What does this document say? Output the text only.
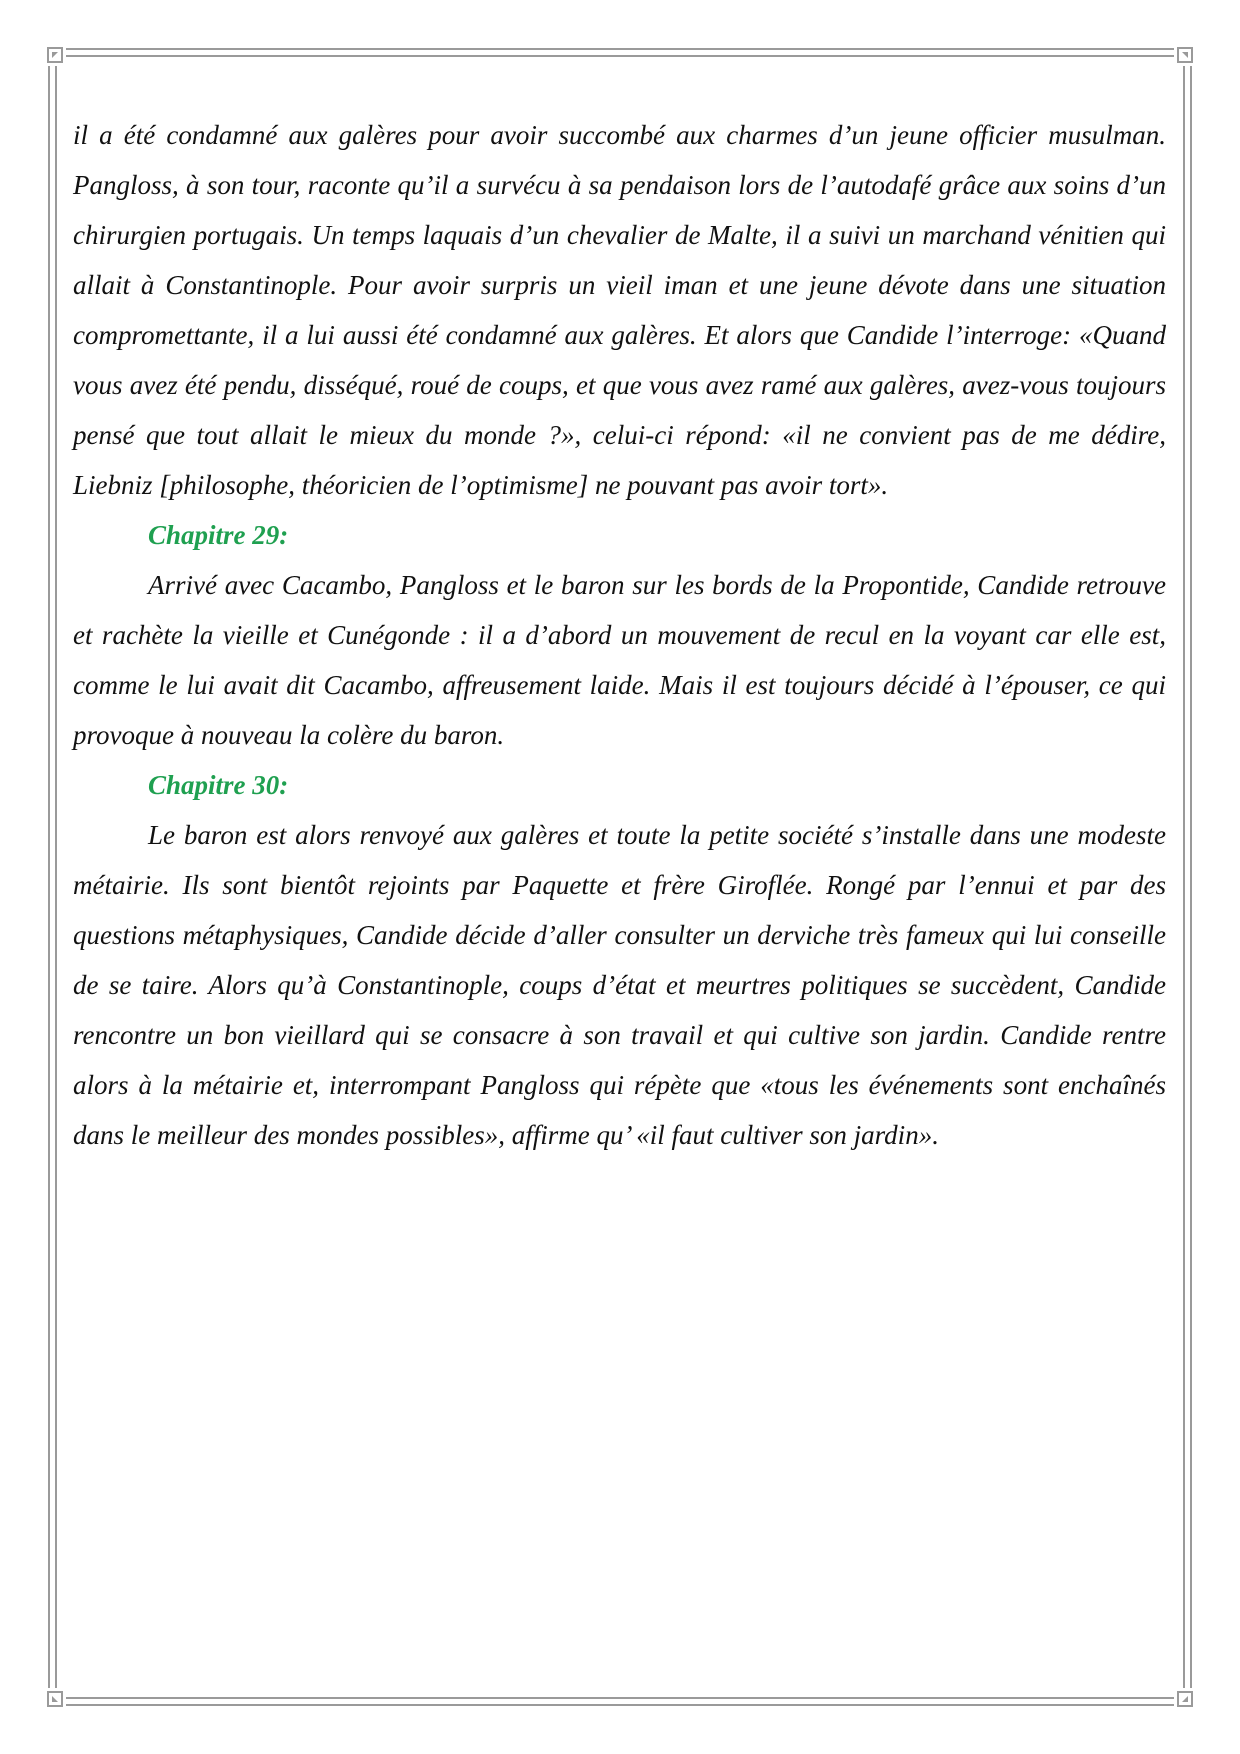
il a été condamné aux galères pour avoir succombé aux charmes d’un jeune officier musulman. Pangloss, à son tour, raconte qu’il a survécu à sa pendaison lors de l’autodafé grâce aux soins d’un chirurgien portugais. Un temps laquais d’un chevalier de Malte, il a suivi un marchand vénitien qui allait à Constantinople. Pour avoir surpris un vieil iman et une jeune dévote dans une situation compromettante, il a lui aussi été condamné aux galères. Et alors que Candide l’interroge: «Quand vous avez été pendu, disséqué, roué de coups, et que vous avez ramé aux galères, avez-vous toujours pensé que tout allait le mieux du monde ?», celui-ci répond: «il ne convient pas de me dédire, Liebniz [philosophe, théoricien de l’optimisme] ne pouvant pas avoir tort».

Chapitre 29:

Arrivé avec Cacambo, Pangloss et le baron sur les bords de la Propontide, Candide retrouve et rachète la vieille et Cunégonde : il a d’abord un mouvement de recul en la voyant car elle est, comme le lui avait dit Cacambo, affreusement laide. Mais il est toujours décidé à l’épouser, ce qui provoque à nouveau la colère du baron.

Chapitre 30:

Le baron est alors renvoyé aux galères et toute la petite société s’installe dans une modeste métairie. Ils sont bientôt rejoints par Paquette et frère Giroflée. Rongé par l’ennui et par des questions métaphysiques, Candide décide d’aller consulter un derviche très fameux qui lui conseille de se taire. Alors qu’à Constantinople, coups d’état et meurtres politiques se succèdent, Candide rencontre un bon vieillard qui se consacre à son travail et qui cultive son jardin. Candide rentre alors à la métairie et, interrompant Pangloss qui répète que «tous les événements sont enchaînés dans le meilleur des mondes possibles», affirme qu’ «il faut cultiver son jardin».
